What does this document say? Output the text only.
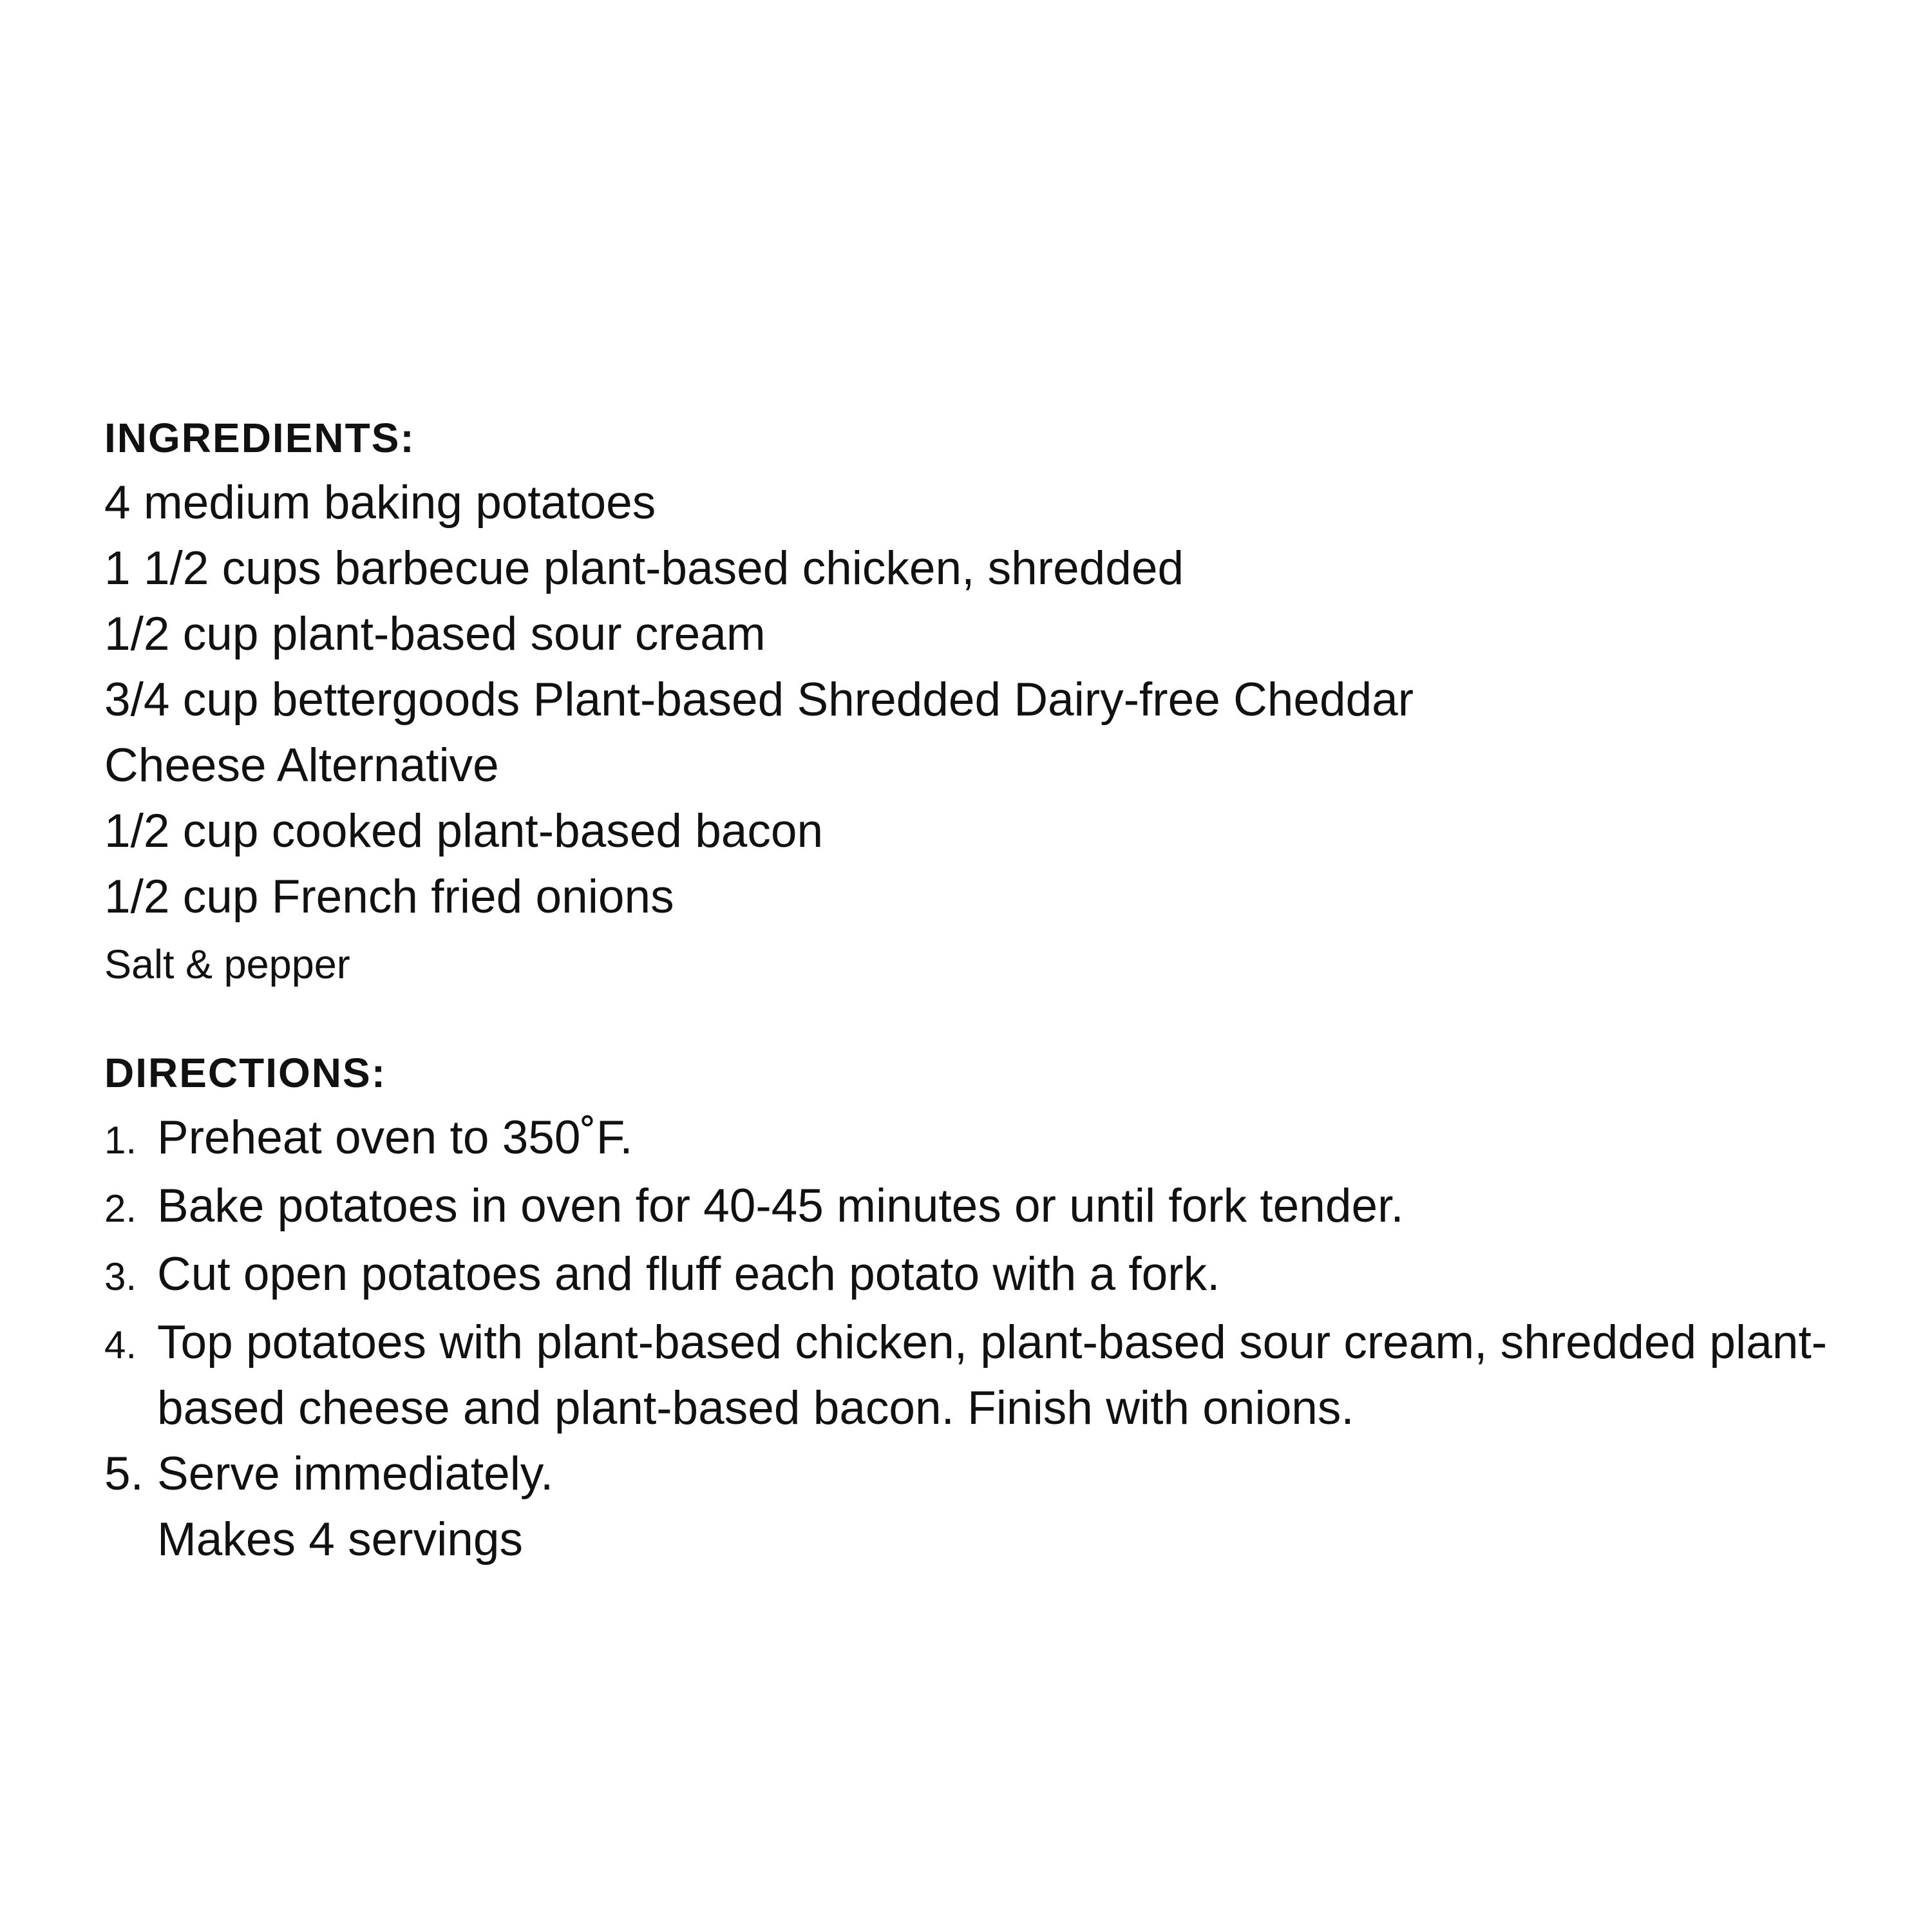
INGREDIENTS:
4 medium baking potatoes
1 1/2 cups barbecue plant-based chicken, shredded
1/2 cup plant-based sour cream
3/4 cup bettergoods Plant-based Shredded Dairy-free Cheddar
Cheese Alternative
1/2 cup cooked plant-based bacon
1/2 cup French fried onions
Salt & pepper
DIRECTIONS:
1. Preheat oven to 350˚F.
2. Bake potatoes in oven for 40-45 minutes or until fork tender.
3. Cut open potatoes and fluff each potato with a fork.
4. Top potatoes with plant-based chicken, plant-based sour cream, shredded plant-based cheese and plant-based bacon. Finish with onions.
5. Serve immediately.

Makes 4 servings
